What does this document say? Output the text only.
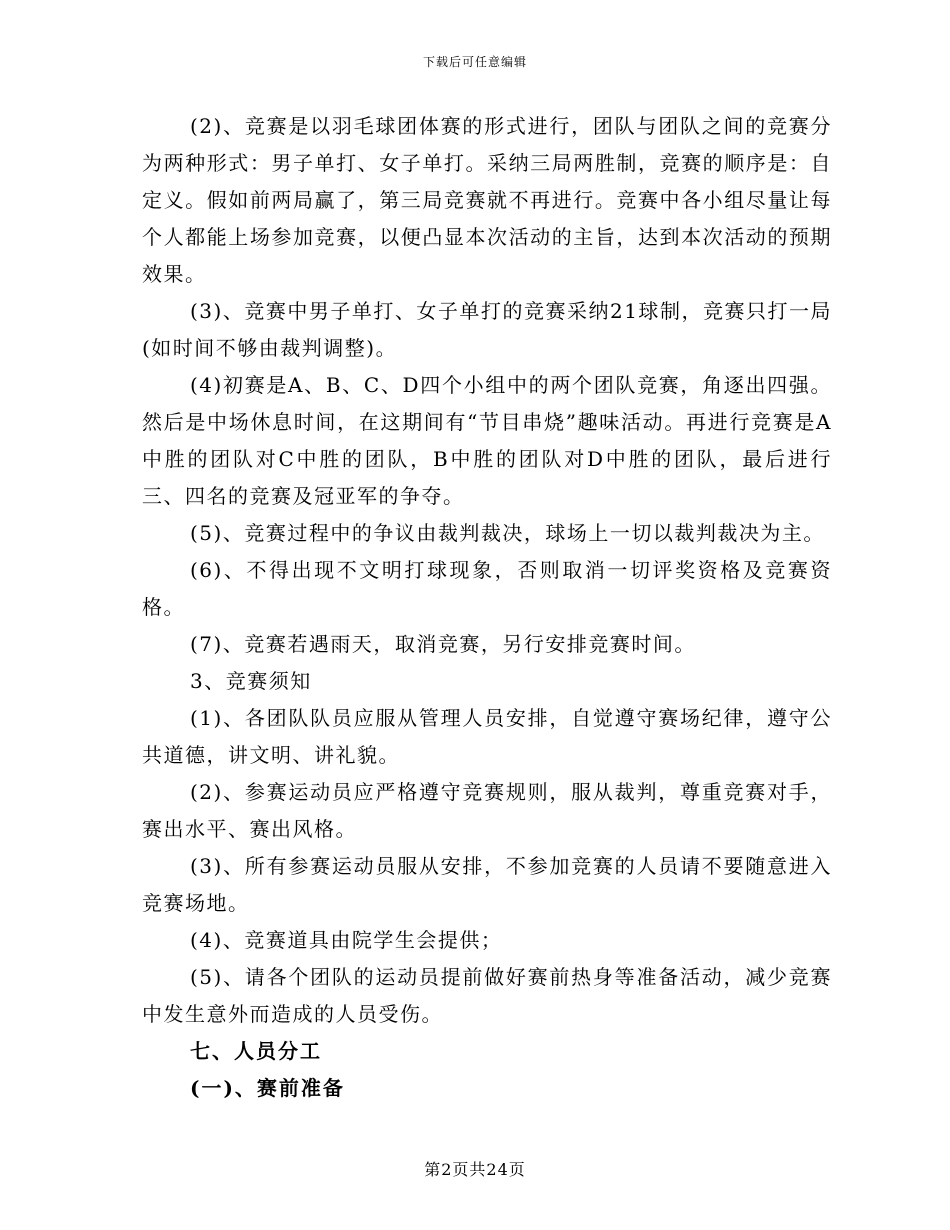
下载后可任意编辑

(2)、竞赛是以羽毛球团体赛的形式进行，团队与团队之间的竞赛分为两种形式：男子单打、女子单打。采纳三局两胜制，竞赛的顺序是：自定义。假如前两局赢了，第三局竞赛就不再进行。竞赛中各小组尽量让每个人都能上场参加竞赛，以便凸显本次活动的主旨，达到本次活动的预期效果。

(3)、竞赛中男子单打、女子单打的竞赛采纳21球制，竞赛只打一局(如时间不够由裁判调整)。

(4)初赛是A、B、C、D四个小组中的两个团队竞赛，角逐出四强。然后是中场休息时间，在这期间有“节目串烧”趣味活动。再进行竞赛是A中胜的团队对C中胜的团队，B中胜的团队对D中胜的团队，最后进行三、四名的竞赛及冠亚军的争夺。

(5)、竞赛过程中的争议由裁判裁决，球场上一切以裁判裁决为主。

(6)、不得出现不文明打球现象，否则取消一切评奖资格及竞赛资格。

(7)、竞赛若遇雨天，取消竞赛，另行安排竞赛时间。

3、竞赛须知

(1)、各团队队员应服从管理人员安排，自觉遵守赛场纪律，遵守公共道德，讲文明、讲礼貌。

(2)、参赛运动员应严格遵守竞赛规则，服从裁判，尊重竞赛对手，赛出水平、赛出风格。

(3)、所有参赛运动员服从安排，不参加竞赛的人员请不要随意进入竞赛场地。

(4)、竞赛道具由院学生会提供；

(5)、请各个团队的运动员提前做好赛前热身等准备活动，减少竞赛中发生意外而造成的人员受伤。

七、人员分工

(一)、赛前准备

第2页共24页
